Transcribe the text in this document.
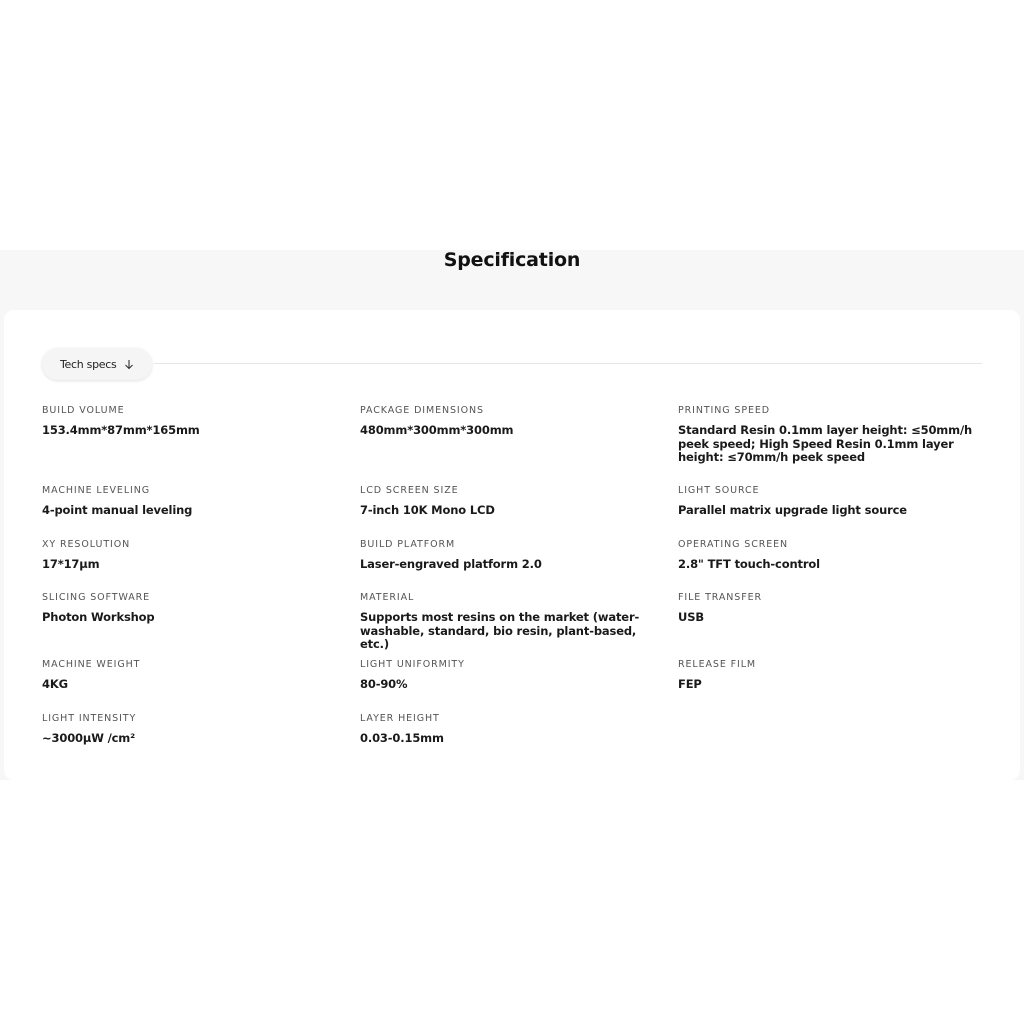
Specification
Tech specs
BUILD VOLUME
153.4mm*87mm*165mm
MACHINE LEVELING
4-point manual leveling
XY RESOLUTION
17*17μm
SLICING SOFTWARE
Photon Workshop
MACHINE WEIGHT
4KG
LIGHT INTENSITY
~3000μW /cm²
PACKAGE DIMENSIONS
480mm*300mm*300mm
LCD SCREEN SIZE
7-inch 10K Mono LCD
BUILD PLATFORM
Laser-engraved platform 2.0
MATERIAL
Supports most resins on the market (water-washable, standard, bio resin, plant-based, etc.)
LIGHT UNIFORMITY
80-90%
LAYER HEIGHT
0.03-0.15mm
PRINTING SPEED
Standard Resin 0.1mm layer height: ≤50mm/h peek speed; High Speed Resin 0.1mm layer height: ≤70mm/h peek speed
LIGHT SOURCE
Parallel matrix upgrade light source
OPERATING SCREEN
2.8" TFT touch-control
FILE TRANSFER
USB
RELEASE FILM
FEP
